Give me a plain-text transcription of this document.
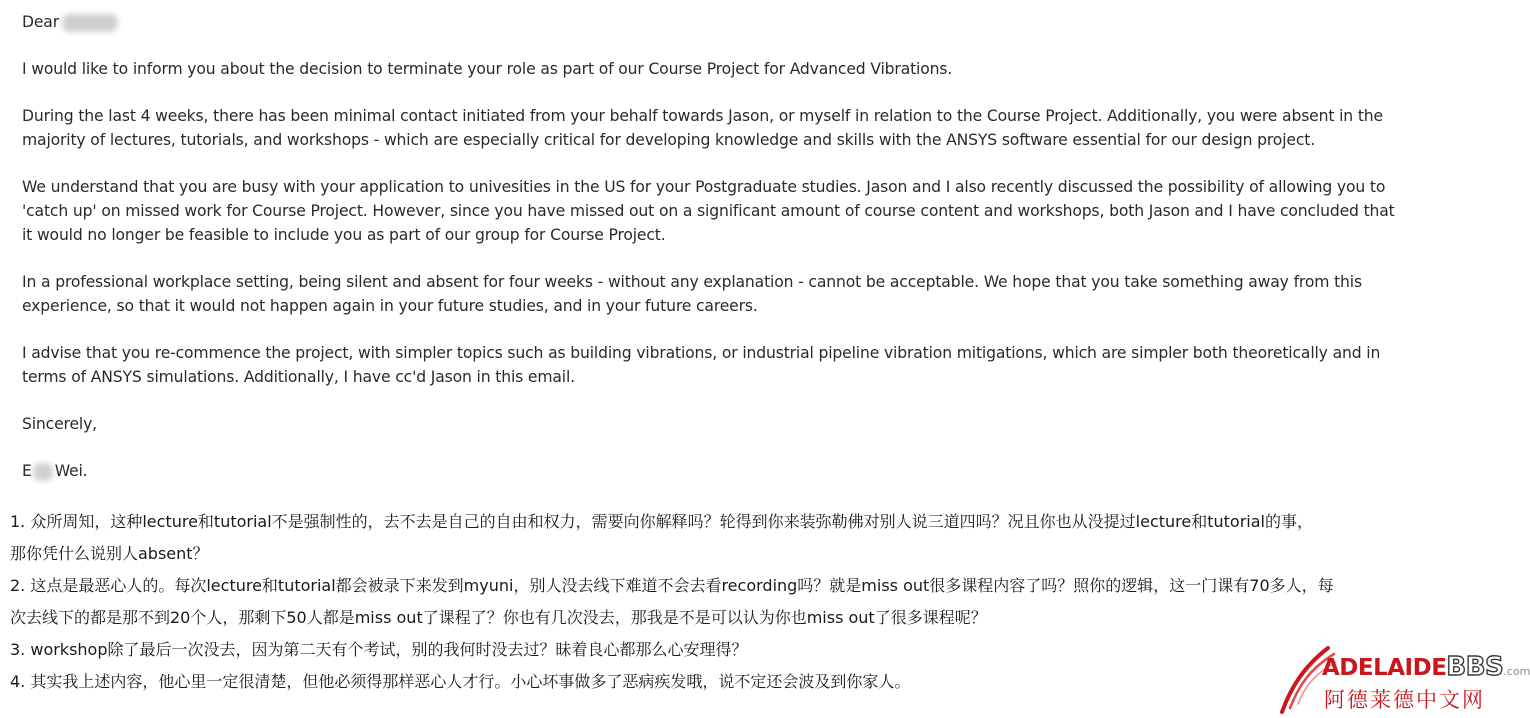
Dear

I would like to inform you about the decision to terminate your role as part of our Course Project for Advanced Vibrations.

During the last 4 weeks, there has been minimal contact initiated from your behalf towards Jason, or myself in relation to the Course Project. Additionally, you were absent in the

majority of lectures, tutorials, and workshops - which are especially critical for developing knowledge and skills with the ANSYS software essential for our design project.

We understand that you are busy with your application to univesities in the US for your Postgraduate studies. Jason and I also recently discussed the possibility of allowing you to

'catch up' on missed work for Course Project. However, since you have missed out on a significant amount of course content and workshops, both Jason and I have concluded that

it would no longer be feasible to include you as part of our group for Course Project.

In a professional workplace setting, being silent and absent for four weeks - without any explanation - cannot be acceptable. We hope that you take something away from this

experience, so that it would not happen again in your future studies, and in your future careers.

I advise that you re-commence the project, with simpler topics such as building vibrations, or industrial pipeline vibration mitigations, which are simpler both theoretically and in

terms of ANSYS simulations. Additionally, I have cc'd Jason in this email.

Sincerely,

E Wei.

1. 众所周知，这种lecture和tutorial不是强制性的，去不去是自己的自由和权力，需要向你解释吗？轮得到你来装弥勒佛对别人说三道四吗？况且你也从没提过lecture和tutorial的事，

那你凭什么说别人absent？

2. 这点是最恶心人的。每次lecture和tutorial都会被录下来发到myuni，别人没去线下难道不会去看recording吗？就是miss out很多课程内容了吗？照你的逻辑，这一门课有70多人，每

次去线下的都是那不到20个人，那剩下50人都是miss out了课程了？你也有几次没去，那我是不是可以认为你也miss out了很多课程呢？

3. workshop除了最后一次没去，因为第二天有个考试，别的我何时没去过？昧着良心都那么心安理得？

4. 其实我上述内容，他心里一定很清楚，但他必须得那样恶心人才行。小心坏事做多了恶病疾发哦，说不定还会波及到你家人。

ADELAIDEBBS.com
阿德莱德中文网
